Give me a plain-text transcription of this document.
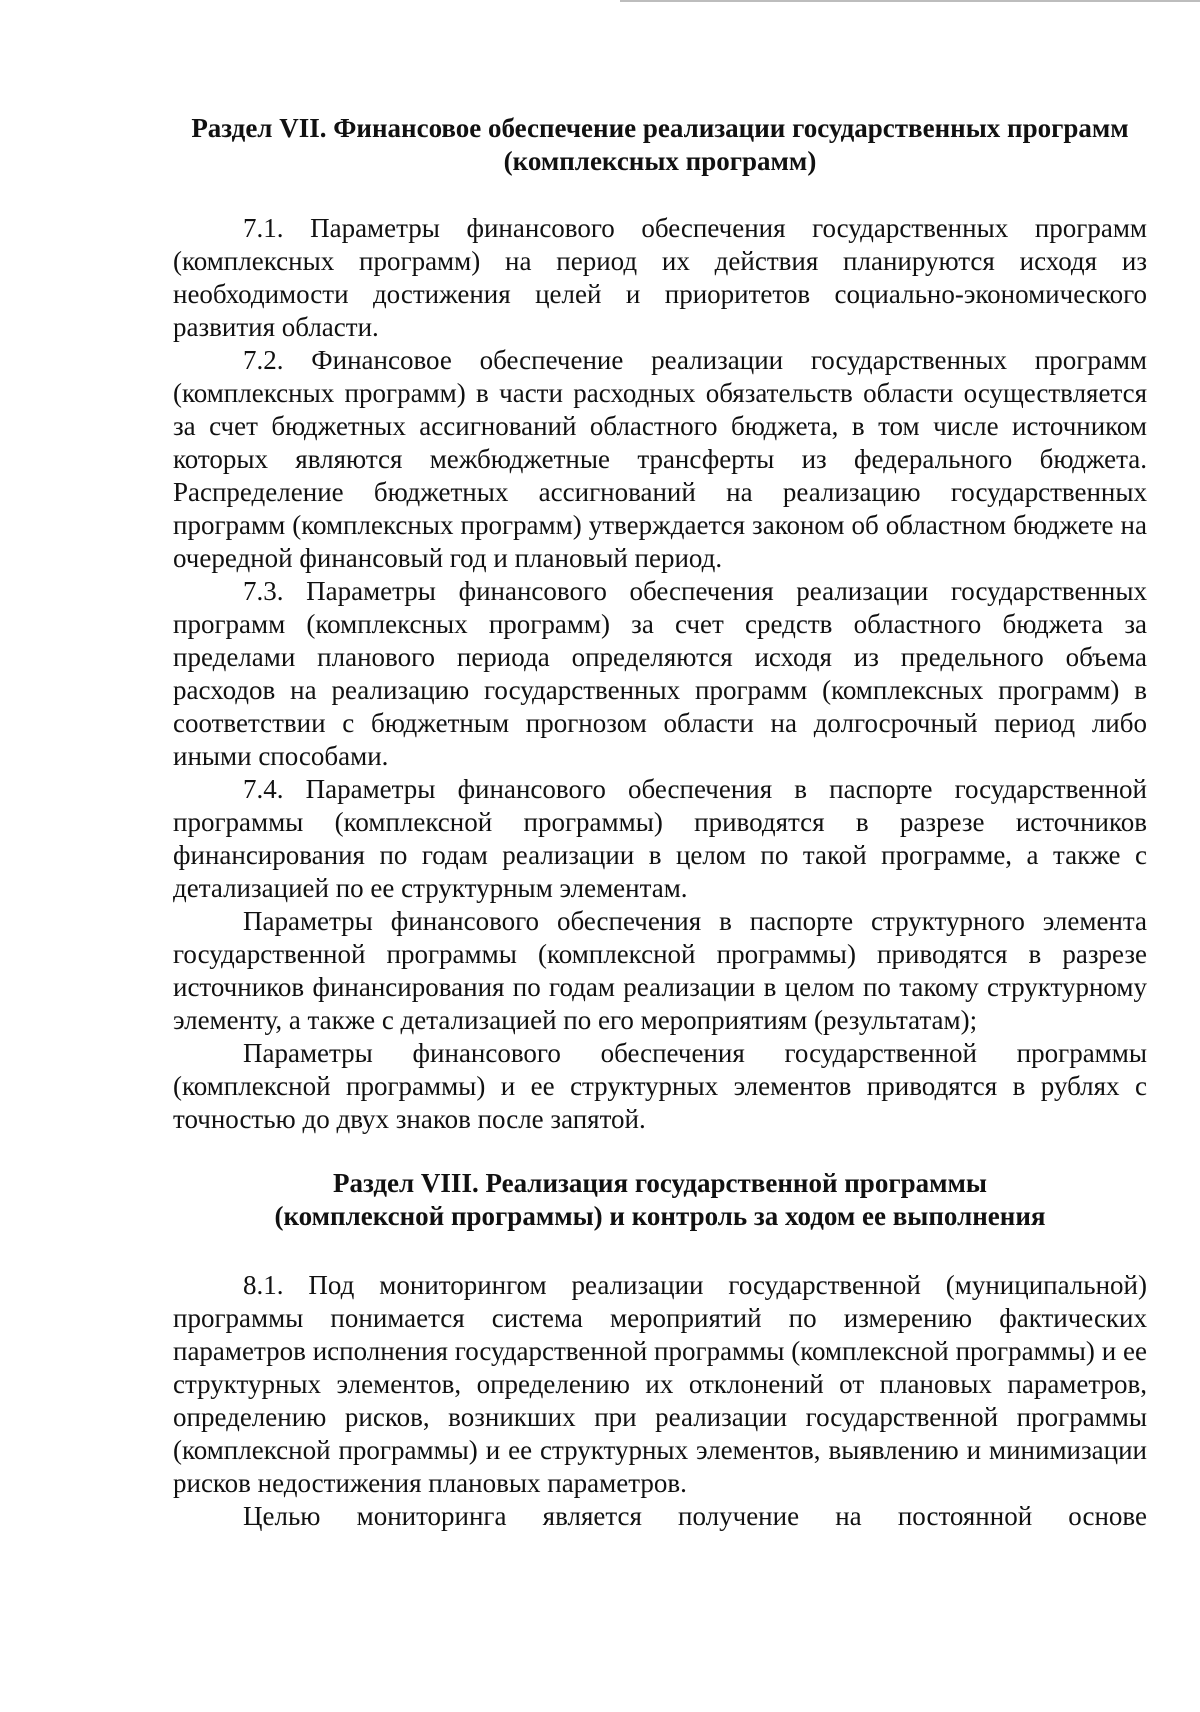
Раздел VII. Финансовое обеспечение реализации государственных программ
(комплексных программ)

7.1. Параметры финансового обеспечения государственных программ (комплексных программ) на период их действия планируются исходя из необходимости достижения целей и приоритетов социально-экономического развития области.

7.2. Финансовое обеспечение реализации государственных программ (комплексных программ) в части расходных обязательств области осуществляется за счет бюджетных ассигнований областного бюджета, в том числе источником которых являются межбюджетные трансферты из федерального бюджета. Распределение бюджетных ассигнований на реализацию государственных программ (комплексных программ) утверждается законом об областном бюджете на очередной финансовый год и плановый период.

7.3. Параметры финансового обеспечения реализации государственных программ (комплексных программ) за счет средств областного бюджета за пределами планового периода определяются исходя из предельного объема расходов на реализацию государственных программ (комплексных программ) в соответствии с бюджетным прогнозом области на долгосрочный период либо иными способами.

7.4. Параметры финансового обеспечения в паспорте государственной программы (комплексной программы) приводятся в разрезе источников финансирования по годам реализации в целом по такой программе, а также с детализацией по ее структурным элементам.

Параметры финансового обеспечения в паспорте структурного элемента государственной программы (комплексной программы) приводятся в разрезе источников финансирования по годам реализации в целом по такому структурному элементу, а также с детализацией по его мероприятиям (результатам);

Параметры финансового обеспечения государственной программы (комплексной программы) и ее структурных элементов приводятся в рублях с точностью до двух знаков после запятой.

Раздел VIII. Реализация государственной программы
(комплексной программы) и контроль за ходом ее выполнения

8.1. Под мониторингом реализации государственной (муниципальной) программы понимается система мероприятий по измерению фактических параметров исполнения государственной программы (комплексной программы) и ее структурных элементов, определению их отклонений от плановых параметров, определению рисков, возникших при реализации государственной программы (комплексной программы) и ее структурных элементов, выявлению и минимизации рисков недостижения плановых параметров.

Целью мониторинга является получение на постоянной основе
